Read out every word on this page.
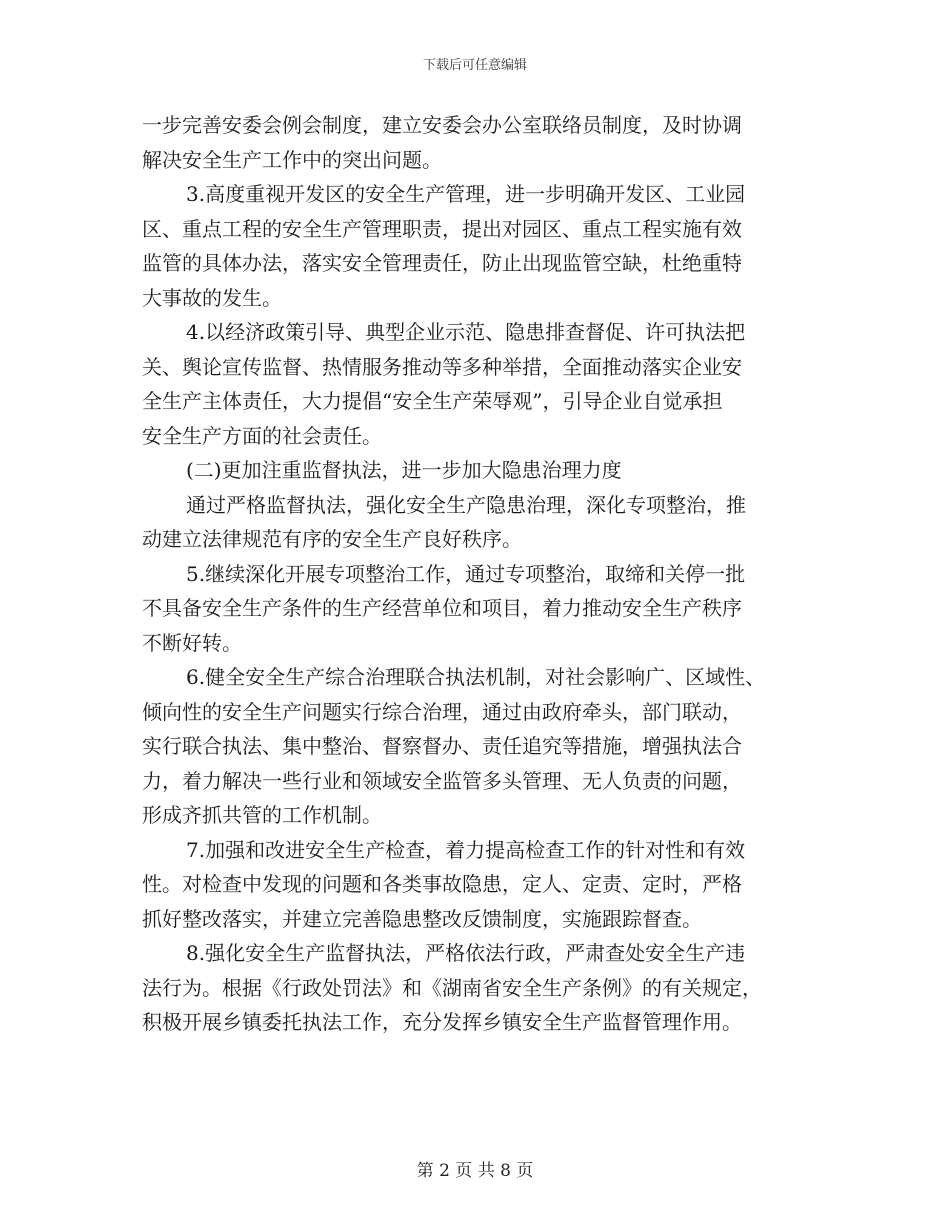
下载后可任意编辑
一步完善安委会例会制度，建立安委会办公室联络员制度，及时协调
解决安全生产工作中的突出问题。
3.高度重视开发区的安全生产管理，进一步明确开发区、工业园
区、重点工程的安全生产管理职责，提出对园区、重点工程实施有效
监管的具体办法，落实安全管理责任，防止出现监管空缺，杜绝重特
大事故的发生。
4.以经济政策引导、典型企业示范、隐患排查督促、许可执法把
关、舆论宣传监督、热情服务推动等多种举措，全面推动落实企业安
全生产主体责任，大力提倡“安全生产荣辱观”，引导企业自觉承担
安全生产方面的社会责任。
(二)更加注重监督执法，进一步加大隐患治理力度
通过严格监督执法，强化安全生产隐患治理，深化专项整治，推
动建立法律规范有序的安全生产良好秩序。
5.继续深化开展专项整治工作，通过专项整治，取缔和关停一批
不具备安全生产条件的生产经营单位和项目，着力推动安全生产秩序
不断好转。
6.健全安全生产综合治理联合执法机制，对社会影响广、区域性、
倾向性的安全生产问题实行综合治理，通过由政府牵头，部门联动，
实行联合执法、集中整治、督察督办、责任追究等措施，增强执法合
力，着力解决一些行业和领域安全监管多头管理、无人负责的问题，
形成齐抓共管的工作机制。
7.加强和改进安全生产检查，着力提高检查工作的针对性和有效
性。对检查中发现的问题和各类事故隐患，定人、定责、定时，严格
抓好整改落实，并建立完善隐患整改反馈制度，实施跟踪督查。
8.强化安全生产监督执法，严格依法行政，严肃查处安全生产违
法行为。根据《行政处罚法》和《湖南省安全生产条例》的有关规定，
积极开展乡镇委托执法工作，充分发挥乡镇安全生产监督管理作用。
第 2 页 共 8 页
